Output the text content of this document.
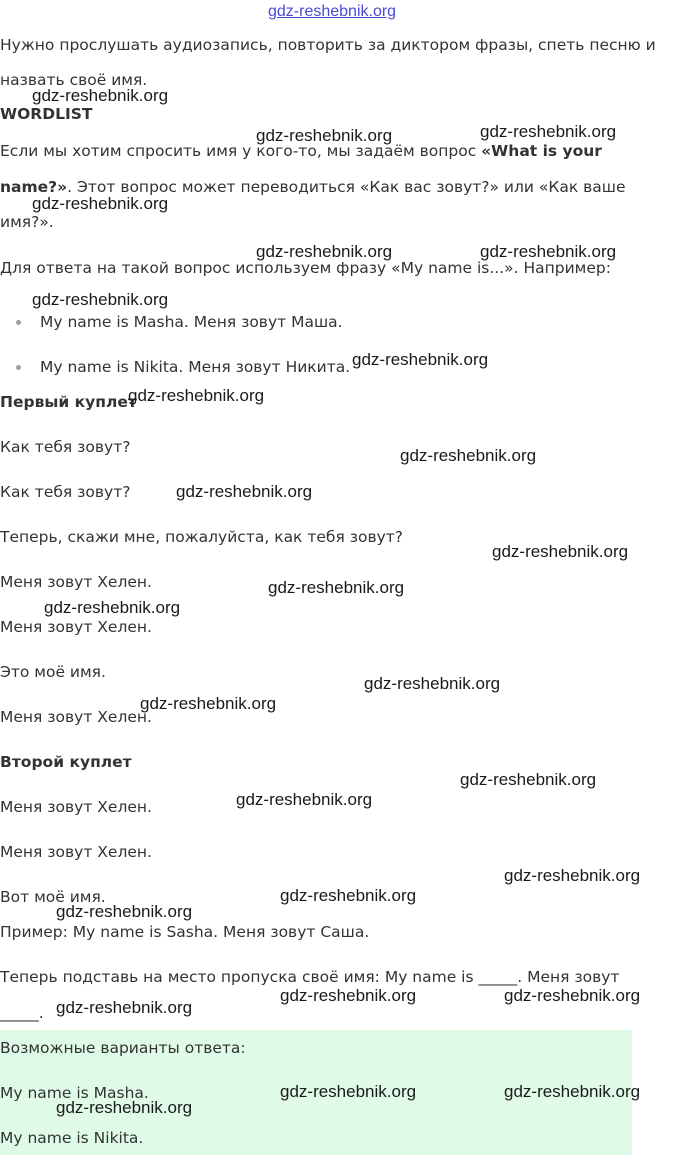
gdz-reshebnik.org
Нужно прослушать аудиозапись, повторить за диктором фразы, спеть песню и
назвать своё имя.
WORDLIST
Если мы хотим спросить имя у кого-то, мы задаём вопрос «What is your
name?». Этот вопрос может переводиться «Как вас зовут?» или «Как ваше
имя?».
Для ответа на такой вопрос используем фразу «My name is...». Например:
My name is Masha. Меня зовут Маша.
My name is Nikita. Меня зовут Никита.
Первый куплет
Как тебя зовут?
Как тебя зовут?
Теперь, скажи мне, пожалуйста, как тебя зовут?
Меня зовут Хелен.
Меня зовут Хелен.
Это моё имя.
Меня зовут Хелен.
Второй куплет
Меня зовут Хелен.
Меня зовут Хелен.
Вот моё имя.
Пример: My name is Sasha. Меня зовут Саша.
Теперь подставь на место пропуска своё имя: My name is _____. Меня зовут
_____.
Возможные варианты ответа:
My name is Masha.
My name is Nikita.
gdz-reshebnik.org
gdz-reshebnik.org	gdz-reshebnik.org
gdz-reshebnik.org
gdz-reshebnik.org	gdz-reshebnik.org
gdz-reshebnik.org
gdz-reshebnik.org
gdz-reshebnik.org
gdz-reshebnik.org
gdz-reshebnik.org
gdz-reshebnik.org
gdz-reshebnik.org
gdz-reshebnik.org
gdz-reshebnik.org
gdz-reshebnik.org
gdz-reshebnik.org
gdz-reshebnik.org
gdz-reshebnik.org
gdz-reshebnik.org
gdz-reshebnik.org
gdz-reshebnik.org	gdz-reshebnik.org
gdz-reshebnik.org
gdz-reshebnik.org	gdz-reshebnik.org
gdz-reshebnik.org
